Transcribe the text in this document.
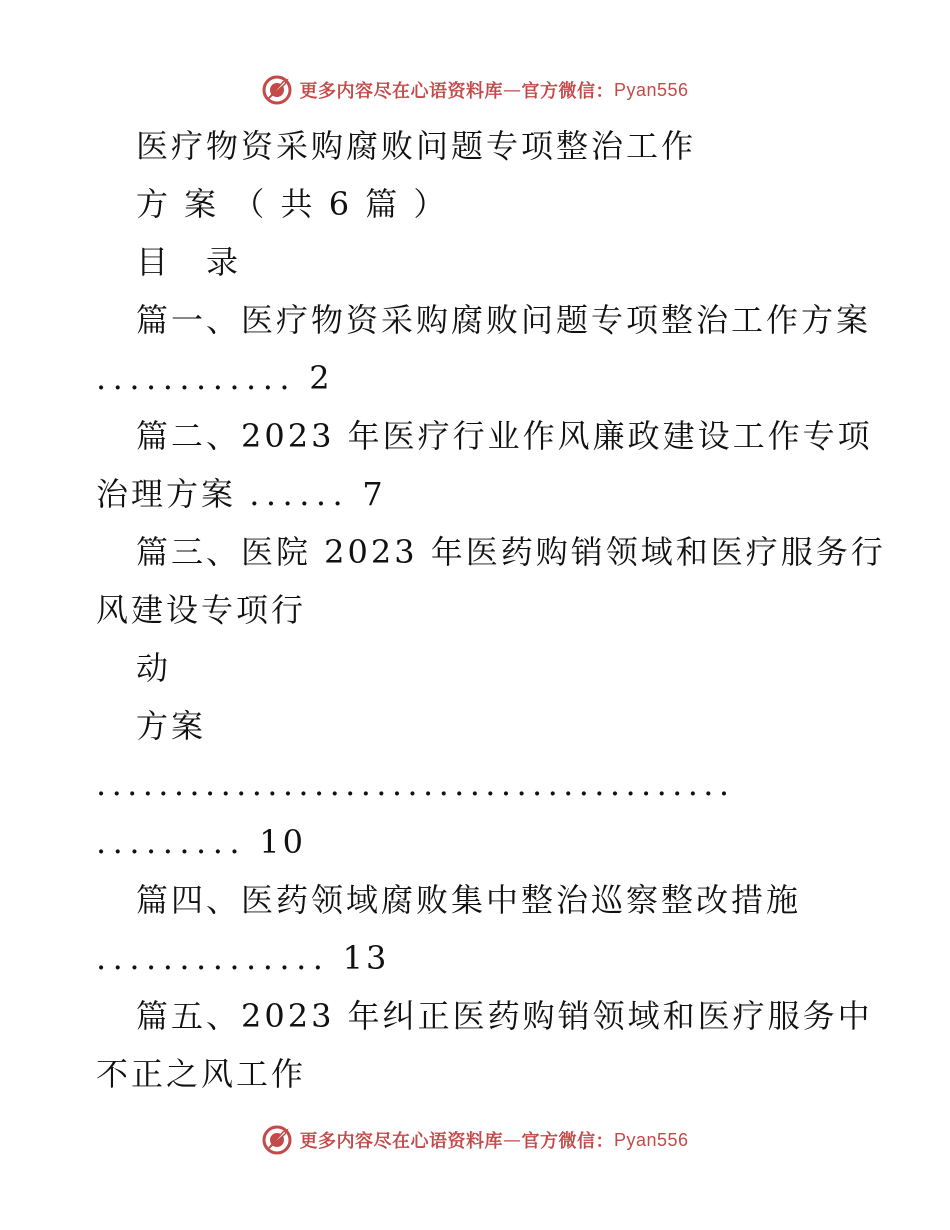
更多内容尽在心语资料库 — 官方微信： Pyan556
医疗物资采购腐败问题专项整治工作
方 案 （ 共 6 篇 ）
目　录
篇一、医疗物资采购腐败问题专项整治工作方案
............ 2
篇二、2023 年医疗行业作风廉政建设工作专项
治理方案 ...... 7
篇三、医院 2023 年医药购销领域和医疗服务行
风建设专项行
动
方案
.........................................
......... 10
篇四、医药领域腐败集中整治巡察整改措施
.............. 13
篇五、2023 年纠正医药购销领域和医疗服务中
不正之风工作
更多内容尽在心语资料库 — 官方微信： Pyan556
